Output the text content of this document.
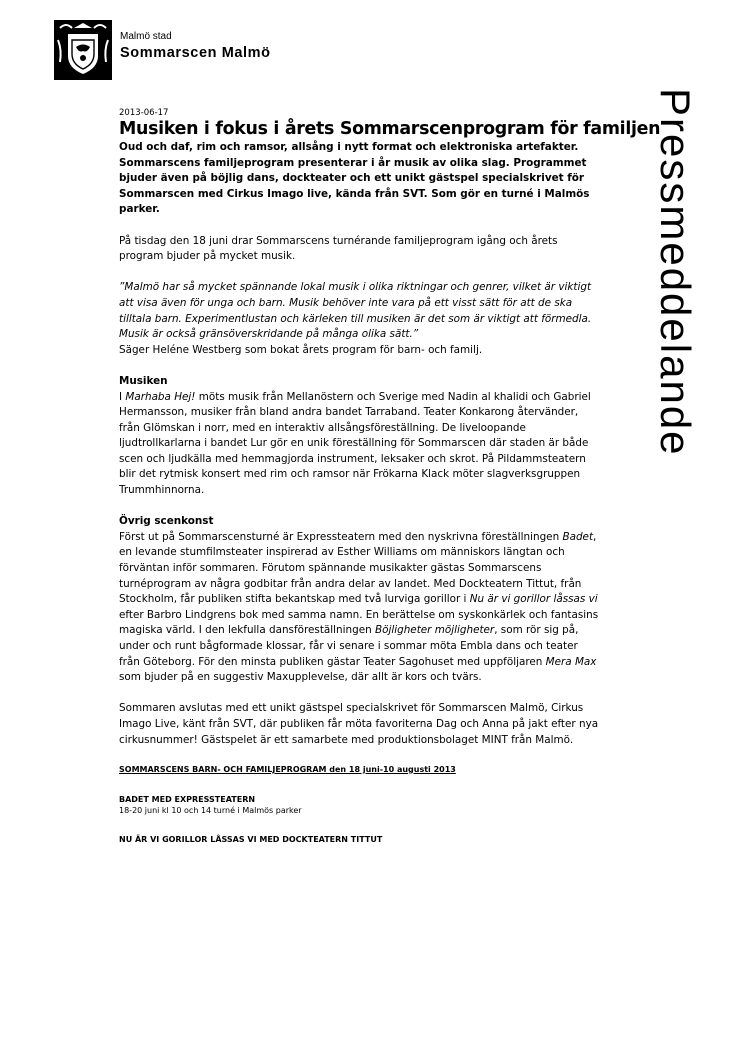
Malmö stad
Sommarscen Malmö
Pressmeddelande

2013-06-17

Musiken i fokus i årets Sommarscenprogram för familjen

Oud och daf, rim och ramsor, allsång i nytt format och elektroniska artefakter. Sommarscens familjeprogram presenterar i år musik av olika slag. Programmet bjuder även på böjlig dans, dockteater och ett unikt gästspel specialskrivet för Sommarscen med Cirkus Imago live, kända från SVT. Som gör en turné i Malmös parker.

På tisdag den 18 juni drar Sommarscens turnérande familjeprogram igång och årets program bjuder på mycket musik.

”Malmö har så mycket spännande lokal musik i olika riktningar och genrer, vilket är viktigt att visa även för unga och barn. Musik behöver inte vara på ett visst sätt för att de ska tilltala barn. Experimentlustan och kärleken till musiken är det som är viktigt att förmedla. Musik är också gränsöverskridande på många olika sätt.”
Säger Heléne Westberg som bokat årets program för barn- och familj.

Musiken
I Marhaba Hej! möts musik från Mellanöstern och Sverige med Nadin al khalidi och Gabriel Hermansson, musiker från bland andra bandet Tarraband. Teater Konkarong återvänder, från Glömskan i norr, med en interaktiv allsångsföreställning. De liveloopande ljudtrollkarlarna i bandet Lur gör en unik föreställning för Sommarscen där staden är både scen och ljudkälla med hemmagjorda instrument, leksaker och skrot. På Pildammsteatern blir det rytmisk konsert med rim och ramsor när Frökarna Klack möter slagverksgruppen Trummhinnorna.

Övrig scenkonst
Först ut på Sommarscensturné är Expressteatern med den nyskrivna föreställningen Badet, en levande stumfilmsteater inspirerad av Esther Williams om människors längtan och förväntan inför sommaren. Förutom spännande musikakter gästas Sommarscens turnéprogram av några godbitar från andra delar av landet. Med Dockteatern Tittut, från Stockholm, får publiken stifta bekantskap med två lurviga gorillor i Nu är vi gorillor låssas vi efter Barbro Lindgrens bok med samma namn. En berättelse om syskonkärlek och fantasins magiska värld. I den lekfulla dansföreställningen Böjligheter möjligheter, som rör sig på, under och runt bågformade klossar, får vi senare i sommar möta Embla dans och teater från Göteborg. För den minsta publiken gästar Teater Sagohuset med uppföljaren Mera Max som bjuder på en suggestiv Maxupplevelse, där allt är kors och tvärs.

Sommaren avslutas med ett unikt gästspel specialskrivet för Sommarscen Malmö, Cirkus Imago Live, känt från SVT, där publiken får möta favoriterna Dag och Anna på jakt efter nya cirkusnummer! Gästspelet är ett samarbete med produktionsbolaget MINT från Malmö.

SOMMARSCENS BARN- OCH FAMILJEPROGRAM den 18 juni-10 augusti 2013

BADET MED EXPRESSTEATERN

18-20 juni kl 10 och 14 turné i Malmös parker

NU ÄR VI GORILLOR LÅSSAS VI MED DOCKTEATERN TITTUT
